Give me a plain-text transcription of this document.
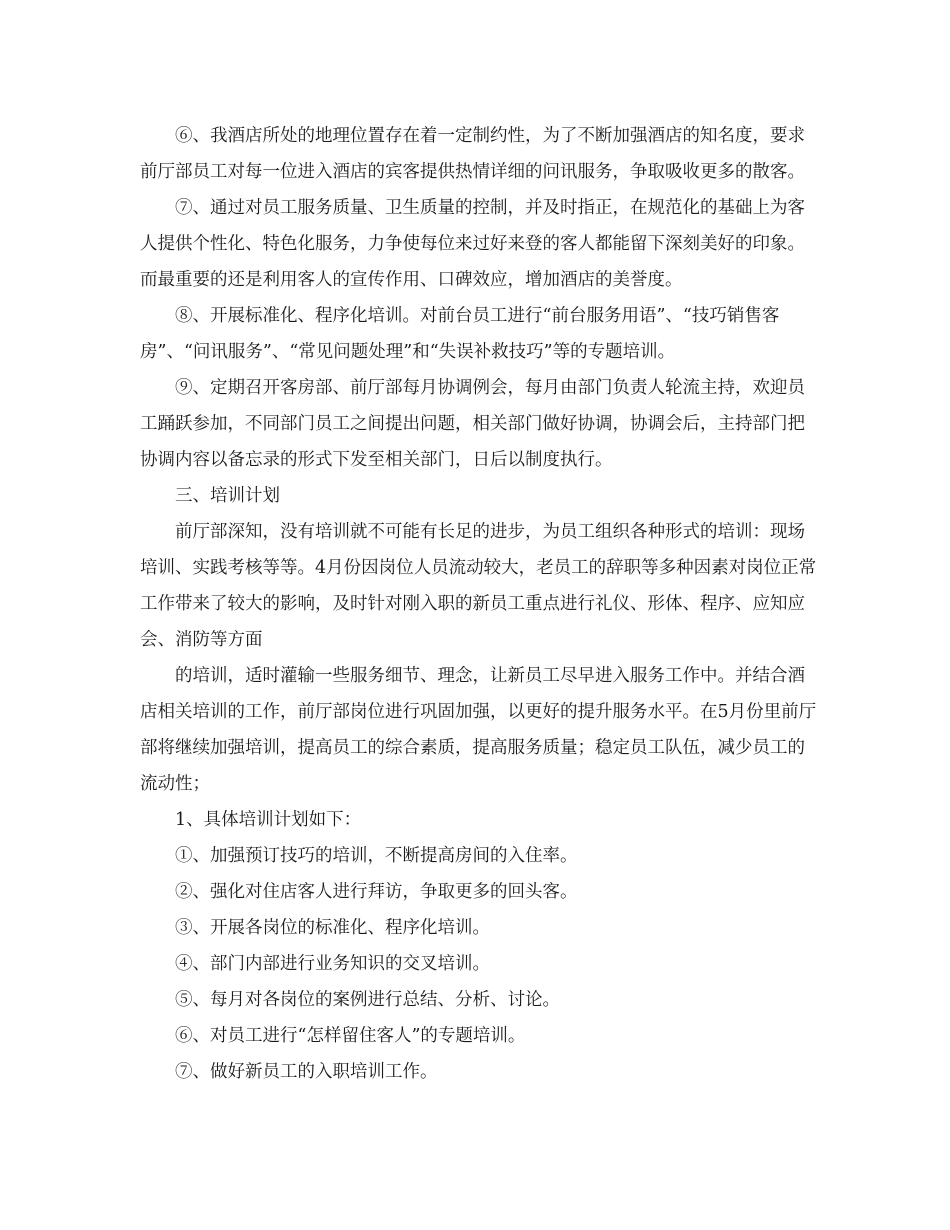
⑥、我酒店所处的地理位置存在着一定制约性，为了不断加强酒店的知名度，要求前厅部员工对每一位进入酒店的宾客提供热情详细的问讯服务，争取吸收更多的散客。

⑦、通过对员工服务质量、卫生质量的控制，并及时指正，在规范化的基础上为客人提供个性化、特色化服务，力争使每位来过好来登的客人都能留下深刻美好的印象。而最重要的还是利用客人的宣传作用、口碑效应，增加酒店的美誉度。

⑧、开展标准化、程序化培训。对前台员工进行“前台服务用语”、“技巧销售客房”、“问讯服务”、“常见问题处理”和“失误补救技巧”等的专题培训。

⑨、定期召开客房部、前厅部每月协调例会，每月由部门负责人轮流主持，欢迎员工踊跃参加，不同部门员工之间提出问题，相关部门做好协调，协调会后，主持部门把协调内容以备忘录的形式下发至相关部门，日后以制度执行。

三、培训计划

前厅部深知，没有培训就不可能有长足的进步，为员工组织各种形式的培训：现场培训、实践考核等等。4月份因岗位人员流动较大，老员工的辞职等多种因素对岗位正常工作带来了较大的影响，及时针对刚入职的新员工重点进行礼仪、形体、程序、应知应会、消防等方面

的培训，适时灌输一些服务细节、理念，让新员工尽早进入服务工作中。并结合酒店相关培训的工作，前厅部岗位进行巩固加强，以更好的提升服务水平。在5月份里前厅部将继续加强培训，提高员工的综合素质，提高服务质量；稳定员工队伍，减少员工的流动性；

1、具体培训计划如下：

①、加强预订技巧的培训，不断提高房间的入住率。

②、强化对住店客人进行拜访，争取更多的回头客。

③、开展各岗位的标准化、程序化培训。

④、部门内部进行业务知识的交叉培训。

⑤、每月对各岗位的案例进行总结、分析、讨论。

⑥、对员工进行“怎样留住客人”的专题培训。

⑦、做好新员工的入职培训工作。
